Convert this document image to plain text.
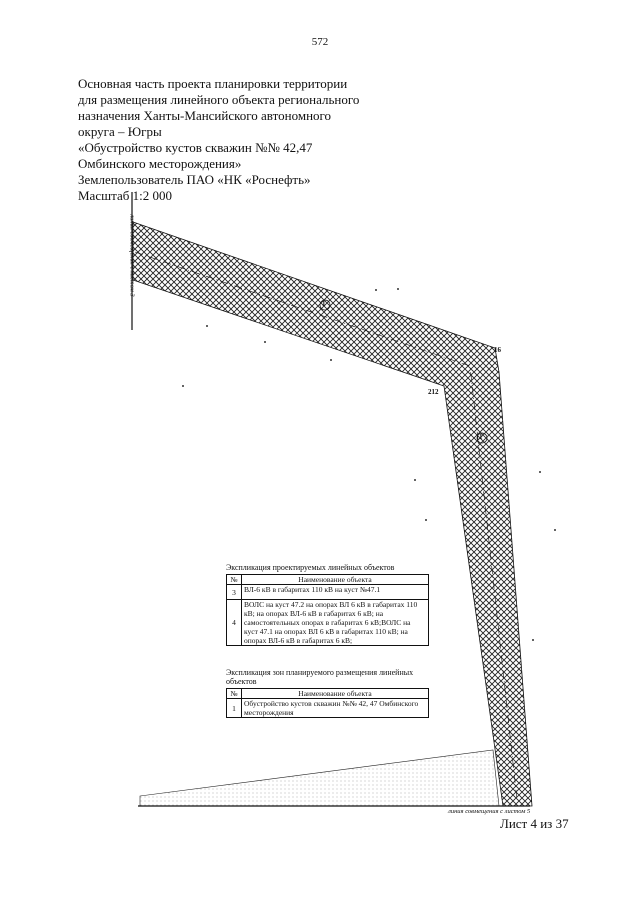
572
Основная часть проекта планировки территории
для размещения линейного объекта регионального
назначения Ханты-Мансийского автономного
округа – Югры
«Обустройство кустов скважин №№ 42,47
Омбинского месторождения»
Землепользователь ПАО «НК «Роснефть»
Масштаб 1:2 000
линия совмещения с листом 3
16
212
1
1
линия совмещения с листом 5
Экспликация проектируемых линейных объектов
№	Наименование объекта
3	ВЛ-6 кВ в габаритах 110 кВ на куст №47.1
4	ВОЛС на куст 47.2 на опорах ВЛ 6 кВ в габаритах 110 кВ; на опорах ВЛ-6 кВ в габаритах 6 кВ; на самостоятельных опорах в габаритах 6 кВ;ВОЛС на куст 47.1 на опорах ВЛ 6 кВ в габаритах 110 кВ; на опорах ВЛ-6 кВ в габаритах 6 кВ;
Экспликация зон планируемого размещения линейных объектов
№	Наименование объекта
1	Обустройство кустов скважин №№ 42, 47 Омбинского месторождения
Лист 4 из 37
